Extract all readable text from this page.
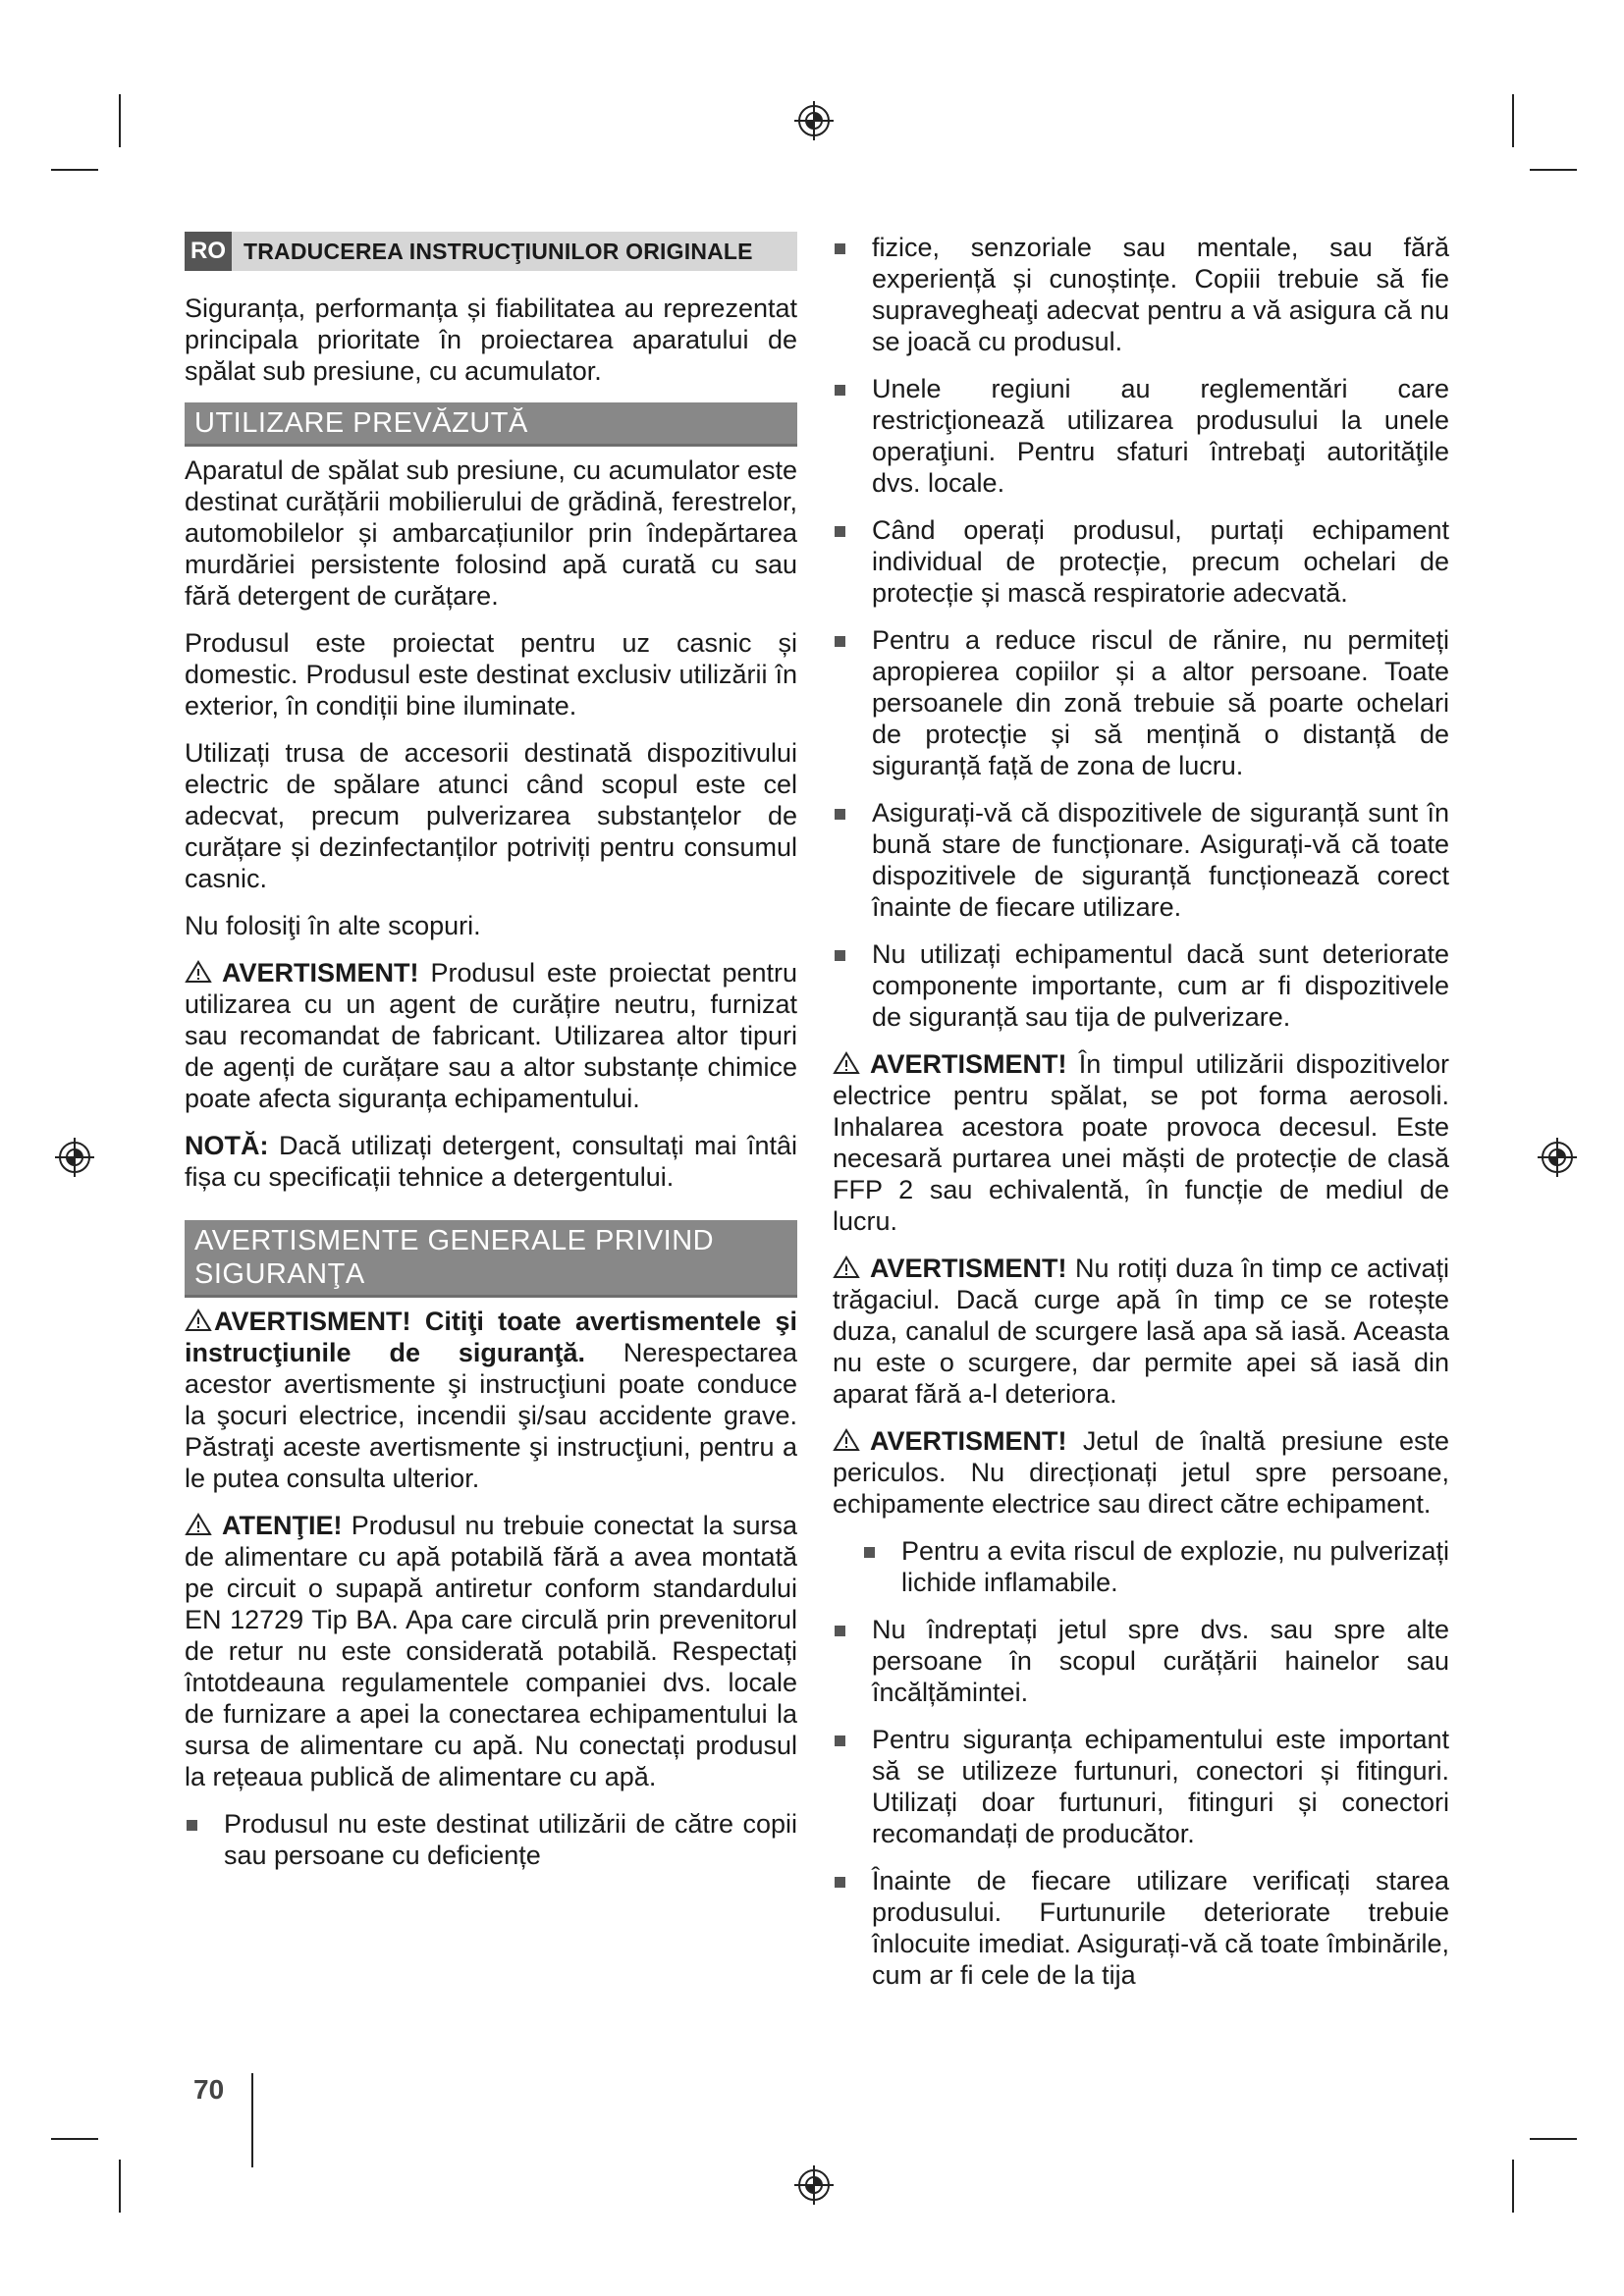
RO TRADUCEREA INSTRUCŢIUNILOR ORIGINALE

Siguranța, performanța și fiabilitatea au reprezentat principala prioritate în proiectarea aparatului de spălat sub presiune, cu acumulator.

UTILIZARE PREVĂZUTĂ

Aparatul de spălat sub presiune, cu acumulator este destinat curățării mobilierului de grădină, ferestrelor, automobilelor și ambarcațiunilor prin îndepărtarea murdăriei persistente folosind apă curată cu sau fără detergent de curățare.

Produsul este proiectat pentru uz casnic și domestic. Produsul este destinat exclusiv utilizării în exterior, în condiții bine iluminate.

Utilizați trusa de accesorii destinată dispozitivului electric de spălare atunci când scopul este cel adecvat, precum pulverizarea substanțelor de curățare și dezinfectanților potriviți pentru consumul casnic.

Nu folosiţi în alte scopuri.

AVERTISMENT! Produsul este proiectat pentru utilizarea cu un agent de curățire neutru, furnizat sau recomandat de fabricant. Utilizarea altor tipuri de agenți de curățare sau a altor substanțe chimice poate afecta siguranța echipamentului.

NOTĂ: Dacă utilizați detergent, consultați mai întâi fișa cu specificații tehnice a detergentului.

AVERTISMENTE GENERALE PRIVIND SIGURANŢA

AVERTISMENT! Citiţi toate avertismentele şi instrucţiunile de siguranţă. Nerespectarea acestor avertismente şi instrucţiuni poate conduce la şocuri electrice, incendii şi/sau accidente grave. Păstraţi aceste avertismente şi instrucţiuni, pentru a le putea consulta ulterior.

ATENŢIE! Produsul nu trebuie conectat la sursa de alimentare cu apă potabilă fără a avea montată pe circuit o supapă antiretur conform standardului EN 12729 Tip BA. Apa care circulă prin prevenitorul de retur nu este considerată potabilă. Respectați întotdeauna regulamentele companiei dvs. locale de furnizare a apei la conectarea echipamentului la sursa de alimentare cu apă. Nu conectați produsul la rețeaua publică de alimentare cu apă.

Produsul nu este destinat utilizării de către copii sau persoane cu deficiențe
fizice, senzoriale sau mentale, sau fără experiență și cunoștințe. Copiii trebuie să fie supravegheaţi adecvat pentru a vă asigura că nu se joacă cu produsul.
Unele regiuni au reglementări care restricţionează utilizarea produsului la unele operaţiuni. Pentru sfaturi întrebaţi autorităţile dvs. locale.
Când operați produsul, purtați echipament individual de protecție, precum ochelari de protecție și mască respiratorie adecvată.
Pentru a reduce riscul de rănire, nu permiteți apropierea copiilor și a altor persoane. Toate persoanele din zonă trebuie să poarte ochelari de protecție și să mențină o distanță de siguranță față de zona de lucru.
Asigurați-vă că dispozitivele de siguranță sunt în bună stare de funcționare. Asigurați-vă că toate dispozitivele de siguranță funcționează corect înainte de fiecare utilizare.
Nu utilizați echipamentul dacă sunt deteriorate componente importante, cum ar fi dispozitivele de siguranță sau tija de pulverizare.

AVERTISMENT! În timpul utilizării dispozitivelor electrice pentru spălat, se pot forma aerosoli. Inhalarea acestora poate provoca decesul. Este necesară purtarea unei măști de protecție de clasă FFP 2 sau echivalentă, în funcție de mediul de lucru.

AVERTISMENT! Nu rotiți duza în timp ce activați trăgaciul. Dacă curge apă în timp ce se rotește duza, canalul de scurgere lasă apa să iasă. Aceasta nu este o scurgere, dar permite apei să iasă din aparat fără a-l deteriora.

AVERTISMENT! Jetul de înaltă presiune este periculos. Nu direcționați jetul spre persoane, echipamente electrice sau direct către echipament.

Pentru a evita riscul de explozie, nu pulverizați lichide inflamabile.
Nu îndreptați jetul spre dvs. sau spre alte persoane în scopul curățării hainelor sau încălțămintei.
Pentru siguranța echipamentului este important să se utilizeze furtunuri, conectori și fitinguri. Utilizați doar furtunuri, fitinguri și conectori recomandați de producător.
Înainte de fiecare utilizare verificați starea produsului. Furtunurile deteriorate trebuie înlocuite imediat. Asigurați-vă că toate îmbinările, cum ar fi cele de la tija
70
